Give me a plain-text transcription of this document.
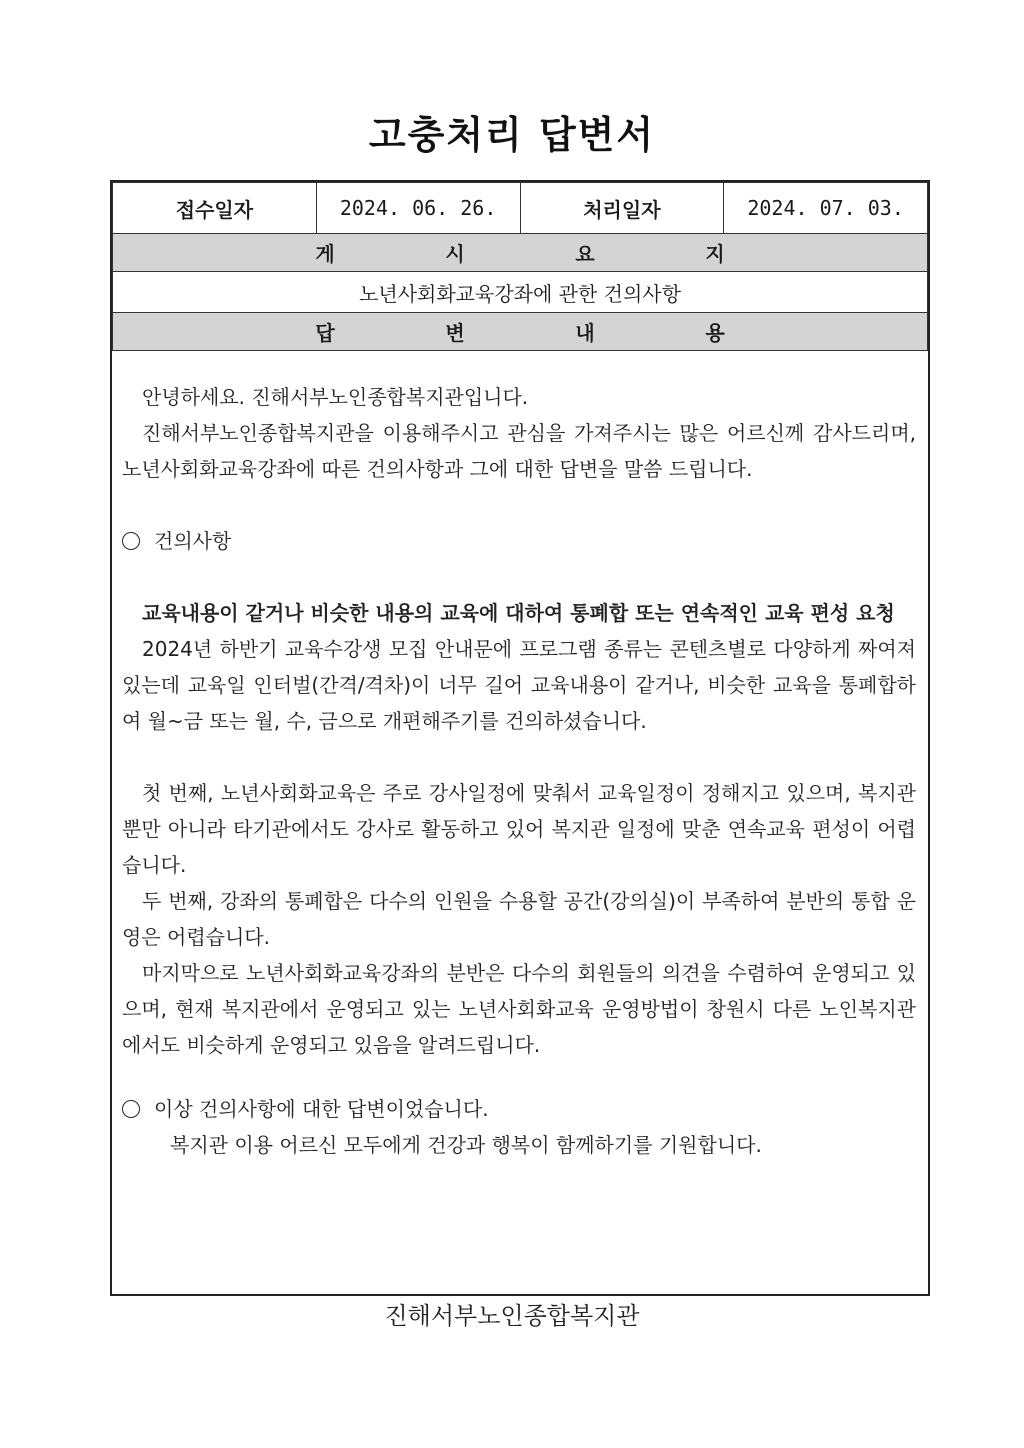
고충처리 답변서
접수일자	2024. 06. 26.	처리일자	2024. 07. 03.
게	시	요	지
노년사회화교육강좌에 관한 건의사항
답	변	내	용

안녕하세요. 진해서부노인종합복지관입니다.

진해서부노인종합복지관을 이용해주시고 관심을 가져주시는 많은 어르신께 감사드리며, 노년사회화교육강좌에 따른 건의사항과 그에 대한 답변을 말씀 드립니다.

건의사항

교육내용이 같거나 비슷한 내용의 교육에 대하여 통폐합 또는 연속적인 교육 편성 요청

2024년 하반기 교육수강생 모집 안내문에 프로그램 종류는 콘텐츠별로 다양하게 짜여져 있는데 교육일 인터벌(간격/격차)이 너무 길어 교육내용이 같거나, 비슷한 교육을 통폐합하여 월~금 또는 월, 수, 금으로 개편해주기를 건의하셨습니다.

첫 번째, 노년사회화교육은 주로 강사일정에 맞춰서 교육일정이 정해지고 있으며, 복지관 뿐만 아니라 타기관에서도 강사로 활동하고 있어 복지관 일정에 맞춘 연속교육 편성이 어렵습니다.

두 번째, 강좌의 통폐합은 다수의 인원을 수용할 공간(강의실)이 부족하여 분반의 통합 운영은 어렵습니다.

마지막으로 노년사회화교육강좌의 분반은 다수의 회원들의 의견을 수렴하여 운영되고 있으며, 현재 복지관에서 운영되고 있는 노년사회화교육 운영방법이 창원시 다른 노인복지관에서도 비슷하게 운영되고 있음을 알려드립니다.

이상 건의사항에 대한 답변이었습니다.

복지관 이용 어르신 모두에게 건강과 행복이 함께하기를 기원합니다.

진해서부노인종합복지관
